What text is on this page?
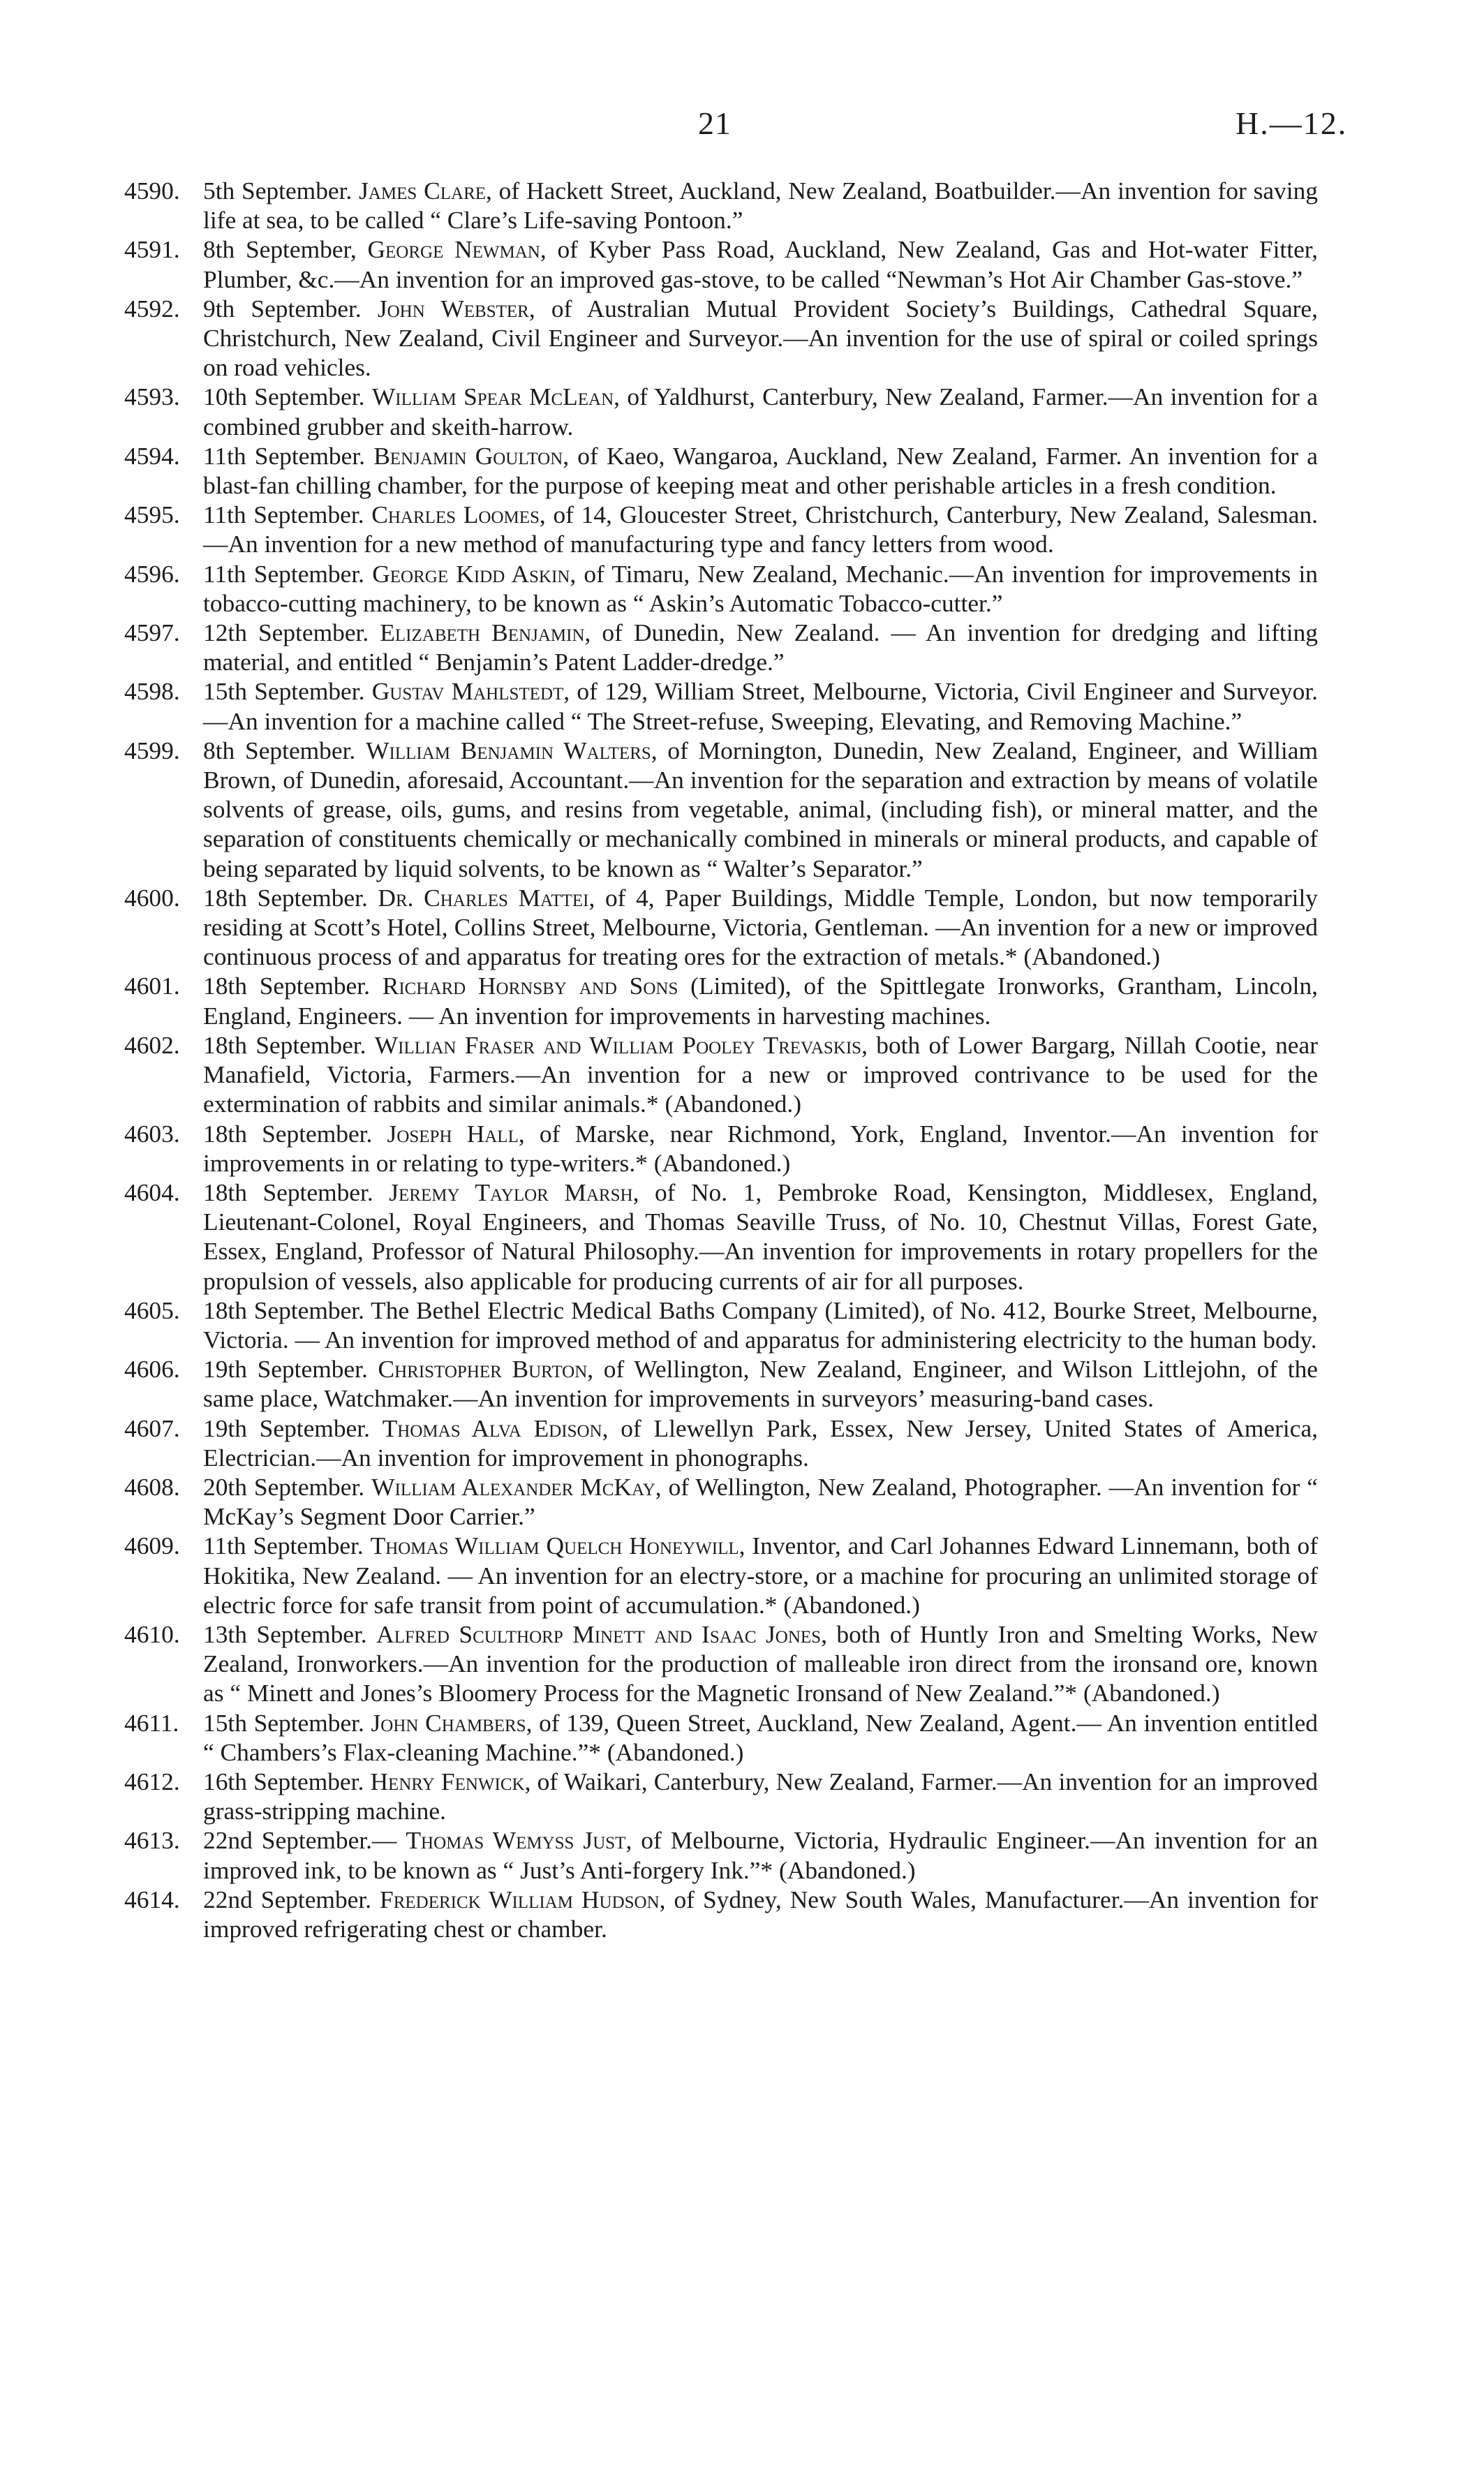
21	H.—12.
4590. 5th September. James Clare, of Hackett Street, Auckland, New Zealand, Boatbuilder.—An invention for saving life at sea, to be called “ Clare’s Life-saving Pontoon.”
4591. 8th September, George Newman, of Kyber Pass Road, Auckland, New Zealand, Gas and Hot-water Fitter, Plumber, &c.—An invention for an improved gas-stove, to be called “Newman’s Hot Air Chamber Gas-stove.”
4592. 9th September. John Webster, of Australian Mutual Provident Society’s Buildings, Cathedral Square, Christchurch, New Zealand, Civil Engineer and Surveyor.—An invention for the use of spiral or coiled springs on road vehicles.
4593. 10th September. William Spear McLean, of Yaldhurst, Canterbury, New Zealand, Farmer.—An invention for a combined grubber and skeith-harrow.
4594. 11th September. Benjamin Goulton, of Kaeo, Wangaroa, Auckland, New Zealand, Farmer. An invention for a blast-fan chilling chamber, for the purpose of keeping meat and other perishable articles in a fresh condition.
4595. 11th September. Charles Loomes, of 14, Gloucester Street, Christchurch, Canterbury, New Zealand, Salesman.—An invention for a new method of manufacturing type and fancy letters from wood.
4596. 11th September. George Kidd Askin, of Timaru, New Zealand, Mechanic.—An invention for improvements in tobacco-cutting machinery, to be known as “ Askin’s Automatic Tobacco-cutter.”
4597. 12th September. Elizabeth Benjamin, of Dunedin, New Zealand. — An invention for dredging and lifting material, and entitled “ Benjamin’s Patent Ladder-dredge.”
4598. 15th September. Gustav Mahlstedt, of 129, William Street, Melbourne, Victoria, Civil Engineer and Surveyor.—An invention for a machine called “ The Street-refuse, Sweeping, Elevating, and Removing Machine.”
4599. 8th September. William Benjamin Walters, of Mornington, Dunedin, New Zealand, Engineer, and William Brown, of Dunedin, aforesaid, Accountant.—An invention for the separation and extraction by means of volatile solvents of grease, oils, gums, and resins from vegetable, animal, (including fish), or mineral matter, and the separation of constituents chemically or mechanically combined in minerals or mineral products, and capable of being separated by liquid solvents, to be known as “ Walter’s Separator.”
4600. 18th September. Dr. Charles Mattei, of 4, Paper Buildings, Middle Temple, London, but now temporarily residing at Scott’s Hotel, Collins Street, Melbourne, Victoria, Gentleman. —An invention for a new or improved continuous process of and apparatus for treating ores for the extraction of metals.* (Abandoned.)
4601. 18th September. Richard Hornsby and Sons (Limited), of the Spittlegate Ironworks, Grantham, Lincoln, England, Engineers. — An invention for improvements in harvesting machines.
4602. 18th September. Willian Fraser and William Pooley Trevaskis, both of Lower Bargarg, Nillah Cootie, near Manafield, Victoria, Farmers.—An invention for a new or improved contrivance to be used for the extermination of rabbits and similar animals.* (Abandoned.)
4603. 18th September. Joseph Hall, of Marske, near Richmond, York, England, Inventor.—An invention for improvements in or relating to type-writers.* (Abandoned.)
4604. 18th September. Jeremy Taylor Marsh, of No. 1, Pembroke Road, Kensington, Middlesex, England, Lieutenant-Colonel, Royal Engineers, and Thomas Seaville Truss, of No. 10, Chestnut Villas, Forest Gate, Essex, England, Professor of Natural Philosophy.—An invention for improvements in rotary propellers for the propulsion of vessels, also applicable for producing currents of air for all purposes.
4605. 18th September. The Bethel Electric Medical Baths Company (Limited), of No. 412, Bourke Street, Melbourne, Victoria. — An invention for improved method of and apparatus for administering electricity to the human body.
4606. 19th September. Christopher Burton, of Wellington, New Zealand, Engineer, and Wilson Littlejohn, of the same place, Watchmaker.—An invention for improvements in surveyors’ measuring-band cases.
4607. 19th September. Thomas Alva Edison, of Llewellyn Park, Essex, New Jersey, United States of America, Electrician.—An invention for improvement in phonographs.
4608. 20th September. William Alexander McKay, of Wellington, New Zealand, Photographer. —An invention for “ McKay’s Segment Door Carrier.”
4609. 11th September. Thomas William Quelch Honeywill, Inventor, and Carl Johannes Edward Linnemann, both of Hokitika, New Zealand. — An invention for an electry-store, or a machine for procuring an unlimited storage of electric force for safe transit from point of accumulation.* (Abandoned.)
4610. 13th September. Alfred Sculthorp Minett and Isaac Jones, both of Huntly Iron and Smelting Works, New Zealand, Ironworkers.—An invention for the production of malleable iron direct from the ironsand ore, known as “ Minett and Jones’s Bloomery Process for the Magnetic Ironsand of New Zealand.”* (Abandoned.)
4611. 15th September. John Chambers, of 139, Queen Street, Auckland, New Zealand, Agent.— An invention entitled “ Chambers’s Flax-cleaning Machine.”* (Abandoned.)
4612. 16th September. Henry Fenwick, of Waikari, Canterbury, New Zealand, Farmer.—An invention for an improved grass-stripping machine.
4613. 22nd September.— Thomas Wemyss Just, of Melbourne, Victoria, Hydraulic Engineer.—An invention for an improved ink, to be known as “ Just’s Anti-forgery Ink.”* (Abandoned.)
4614. 22nd September. Frederick William Hudson, of Sydney, New South Wales, Manufacturer.—An invention for improved refrigerating chest or chamber.
